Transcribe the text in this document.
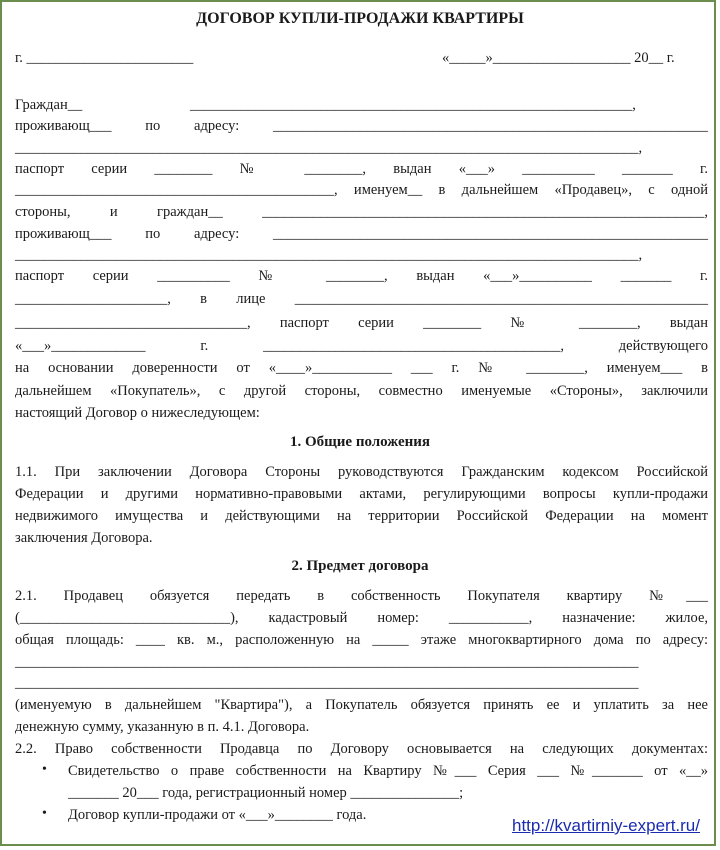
ДОГОВОР КУПЛИ-ПРОДАЖИ КВАРТИРЫ
г. _______________________	«_____»___________________ 20__ г.
Граждан__	_____________________________________________________________,
проживающ___ по адресу: ____________________________________________________________
______________________________________________________________________________________,
паспорт серии ________ № ________, выдан «___» __________ _______ г.
____________________________________________, именуем__ в дальнейшем «Продавец», с одной
стороны, и граждан__ _____________________________________________________________,
проживающ___ по адресу: ____________________________________________________________
______________________________________________________________________________________,
паспорт серии __________ № ________, выдан «___»__________ _______ г.
_____________________, в лице _________________________________________________________
________________________________, паспорт серии ________ № ________, выдан
«___»_____________ г. _________________________________________, действующего
на основании доверенности от «____»___________ ___ г. № ________, именуем___ в
дальнейшем «Покупатель», с другой стороны, совместно именуемые «Стороны», заключили
настоящий Договор о нижеследующем:
1. Общие положения
1.1. При заключении Договора Стороны руководствуются Гражданским кодексом Российской
Федерации и другими нормативно-правовыми актами, регулирующими вопросы купли-продажи
недвижимого имущества и действующими на территории Российской Федерации на момент
заключения Договора.
2. Предмет договора
2.1. Продавец обязуется передать в собственность Покупателя квартиру №___
(_____________________________), кадастровый номер: ___________, назначение: жилое,
общая площадь: ____ кв. м., расположенную на _____ этаже многоквартирного дома по адресу:
______________________________________________________________________________________
______________________________________________________________________________________
(именуемую в дальнейшем "Квартира"), а Покупатель обязуется принять ее и уплатить за нее
денежную сумму, указанную в п. 4.1. Договора.
2.2. Право собственности Продавца по Договору основывается на следующих документах:
• Свидетельство о праве собственности на Квартиру №___ Серия ___ №_______ от «__»
_______ 20___ года, регистрационный номер _______________;
• Договор купли-продажи от «___»________ года.
http://kvartirniy-expert.ru/
